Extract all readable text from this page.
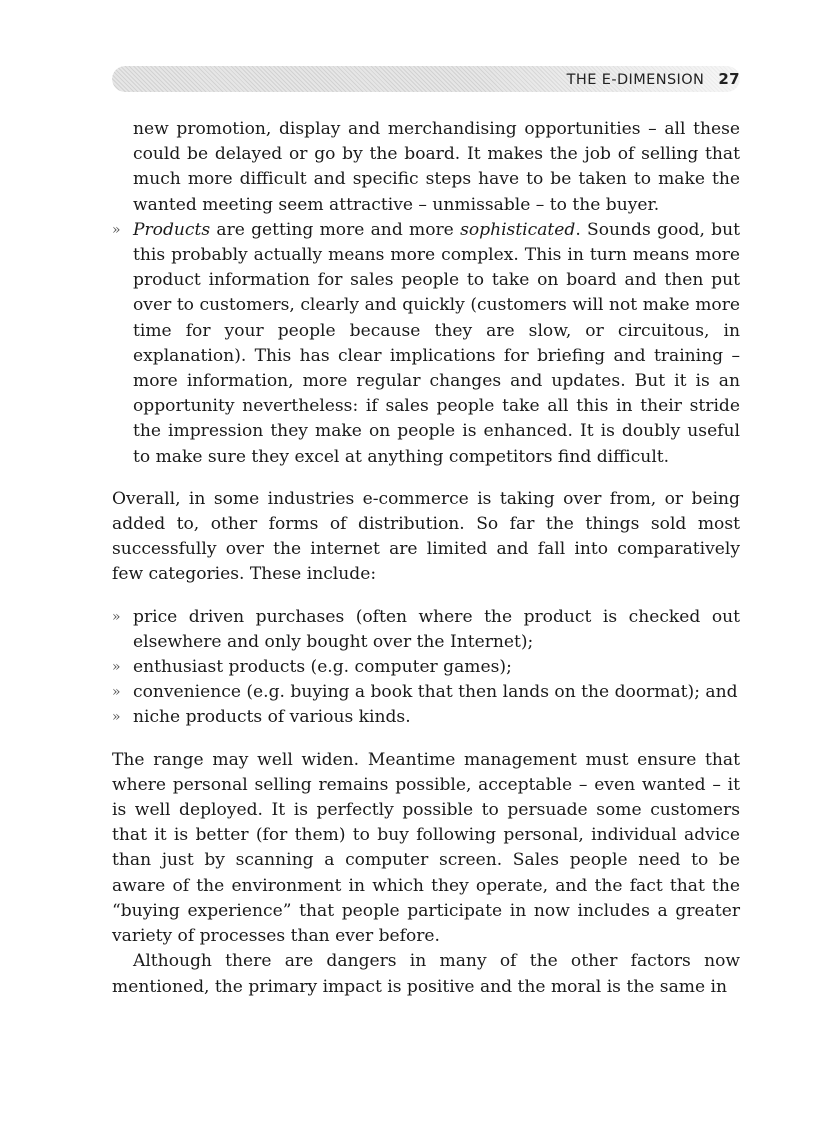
THE E-DIMENSION 27

new promotion, display and merchandising opportunities – all these could be delayed or go by the board. It makes the job of selling that much more difficult and specific steps have to be taken to make the wanted meeting seem attractive – unmissable – to the buyer.

» Products are getting more and more sophisticated. Sounds good, but this probably actually means more complex. This in turn means more product information for sales people to take on board and then put over to customers, clearly and quickly (customers will not make more time for your people because they are slow, or circuitous, in explanation). This has clear implications for briefing and training – more information, more regular changes and updates. But it is an opportunity nevertheless: if sales people take all this in their stride the impression they make on people is enhanced. It is doubly useful to make sure they excel at anything competitors find difficult.

Overall, in some industries e-commerce is taking over from, or being added to, other forms of distribution. So far the things sold most successfully over the internet are limited and fall into comparatively few categories. These include:

» price driven purchases (often where the product is checked out elsewhere and only bought over the Internet);

» enthusiast products (e.g. computer games);

» convenience (e.g. buying a book that then lands on the doormat); and

» niche products of various kinds.

The range may well widen. Meantime management must ensure that where personal selling remains possible, acceptable – even wanted – it is well deployed. It is perfectly possible to persuade some customers that it is better (for them) to buy following personal, individual advice than just by scanning a computer screen. Sales people need to be aware of the environment in which they operate, and the fact that the “buying experience” that people participate in now includes a greater variety of processes than ever before.

Although there are dangers in many of the other factors now mentioned, the primary impact is positive and the moral is the same in
